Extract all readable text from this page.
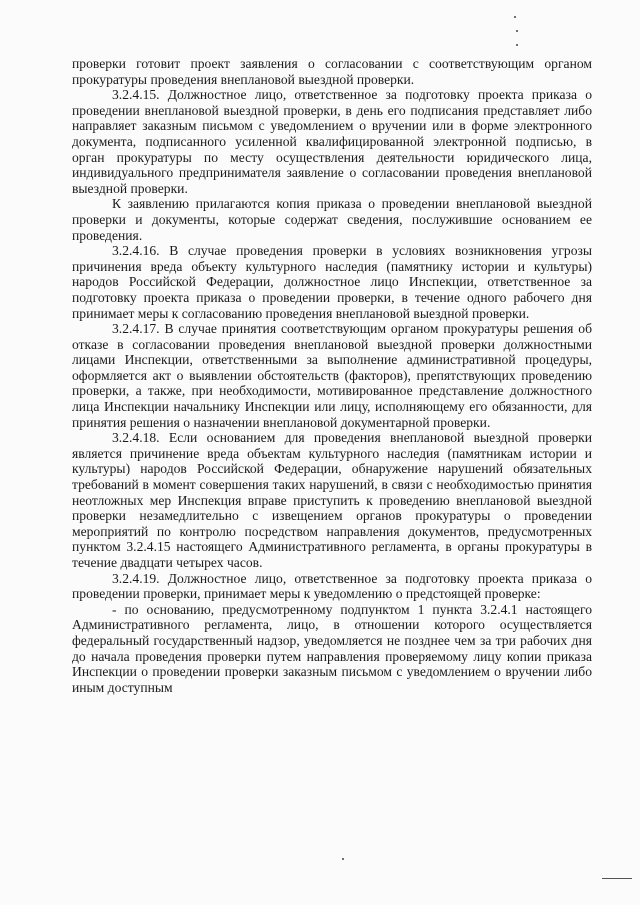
проверки готовит проект заявления о согласовании с соответствующим органом прокуратуры проведения внеплановой выездной проверки.

3.2.4.15. Должностное лицо, ответственное за подготовку проекта приказа о проведении внеплановой выездной проверки, в день его подписания представляет либо направляет заказным письмом с уведомлением о вручении или в форме электронного документа, подписанного усиленной квалифицированной электронной подписью, в орган прокуратуры по месту осуществления деятельности юридического лица, индивидуального предпринимателя заявление о согласовании проведения внеплановой выездной проверки.

К заявлению прилагаются копия приказа о проведении внеплановой выездной проверки и документы, которые содержат сведения, послужившие основанием ее проведения.

3.2.4.16. В случае проведения проверки в условиях возникновения угрозы причинения вреда объекту культурного наследия (памятнику истории и культуры) народов Российской Федерации, должностное лицо Инспекции, ответственное за подготовку проекта приказа о проведении проверки, в течение одного рабочего дня принимает меры к согласованию проведения внеплановой выездной проверки.

3.2.4.17. В случае принятия соответствующим органом прокуратуры решения об отказе в согласовании проведения внеплановой выездной проверки должностными лицами Инспекции, ответственными за выполнение административной процедуры, оформляется акт о выявлении обстоятельств (факторов), препятствующих проведению проверки, а также, при необходимости, мотивированное представление должностного лица Инспекции начальнику Инспекции или лицу, исполняющему его обязанности, для принятия решения о назначении внеплановой документарной проверки.

3.2.4.18. Если основанием для проведения внеплановой выездной проверки является причинение вреда объектам культурного наследия (памятникам истории и культуры) народов Российской Федерации, обнаружение нарушений обязательных требований в момент совершения таких нарушений, в связи с необходимостью принятия неотложных мер Инспекция вправе приступить к проведению внеплановой выездной проверки незамедлительно с извещением органов прокуратуры о проведении мероприятий по контролю посредством направления документов, предусмотренных пунктом 3.2.4.15 настоящего Административного регламента, в органы прокуратуры в течение двадцати четырех часов.

3.2.4.19. Должностное лицо, ответственное за подготовку проекта приказа о проведении проверки, принимает меры к уведомлению о предстоящей проверке:

- по основанию, предусмотренному подпунктом 1 пункта 3.2.4.1 настоящего Административного регламента, лицо, в отношении которого осуществляется федеральный государственный надзор, уведомляется не позднее чем за три рабочих дня до начала проведения проверки путем направления проверяемому лицу копии приказа Инспекции о проведении проверки заказным письмом с уведомлением о вручении либо иным доступным
